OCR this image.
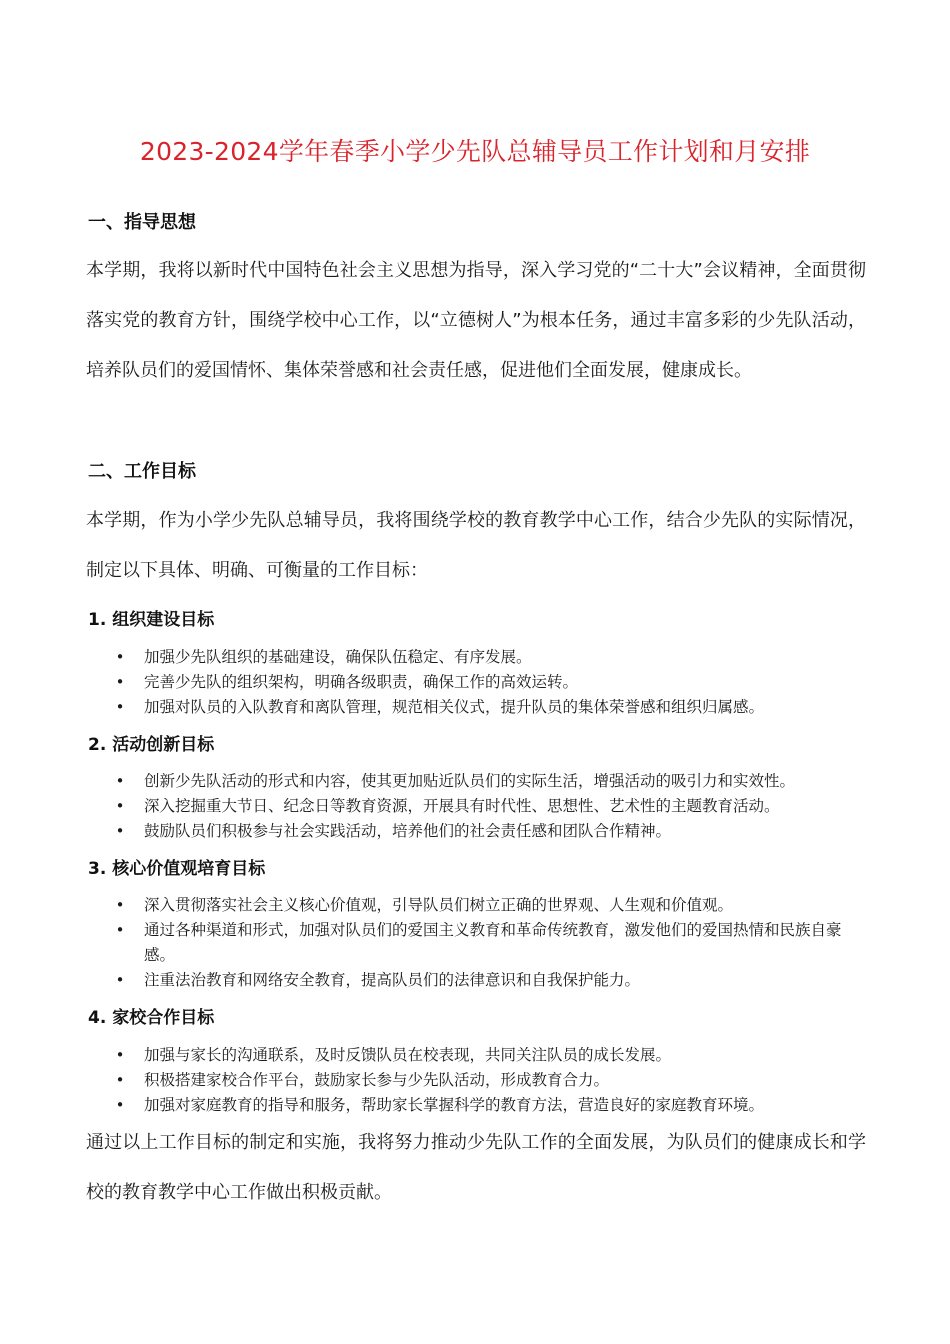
2023-2024学年春季小学少先队总辅导员工作计划和月安排
一、指导思想
本学期，我将以新时代中国特色社会主义思想为指导，深入学习党的“二十大”会议精神，全面贯彻落实党的教育方针，围绕学校中心工作，以“立德树人”为根本任务，通过丰富多彩的少先队活动，培养队员们的爱国情怀、集体荣誉感和社会责任感，促进他们全面发展，健康成长。
二、工作目标
本学期，作为小学少先队总辅导员，我将围绕学校的教育教学中心工作，结合少先队的实际情况，制定以下具体、明确、可衡量的工作目标：
1. 组织建设目标
• 加强少先队组织的基础建设，确保队伍稳定、有序发展。
• 完善少先队的组织架构，明确各级职责，确保工作的高效运转。
• 加强对队员的入队教育和离队管理，规范相关仪式，提升队员的集体荣誉感和组织归属感。
2. 活动创新目标
• 创新少先队活动的形式和内容，使其更加贴近队员们的实际生活，增强活动的吸引力和实效性。
• 深入挖掘重大节日、纪念日等教育资源，开展具有时代性、思想性、艺术性的主题教育活动。
• 鼓励队员们积极参与社会实践活动，培养他们的社会责任感和团队合作精神。
3. 核心价值观培育目标
• 深入贯彻落实社会主义核心价值观，引导队员们树立正确的世界观、人生观和价值观。
• 通过各种渠道和形式，加强对队员们的爱国主义教育和革命传统教育，激发他们的爱国热情和民族自豪感。
• 注重法治教育和网络安全教育，提高队员们的法律意识和自我保护能力。
4. 家校合作目标
• 加强与家长的沟通联系，及时反馈队员在校表现，共同关注队员的成长发展。
• 积极搭建家校合作平台，鼓励家长参与少先队活动，形成教育合力。
• 加强对家庭教育的指导和服务，帮助家长掌握科学的教育方法，营造良好的家庭教育环境。
通过以上工作目标的制定和实施，我将努力推动少先队工作的全面发展，为队员们的健康成长和学校的教育教学中心工作做出积极贡献。
